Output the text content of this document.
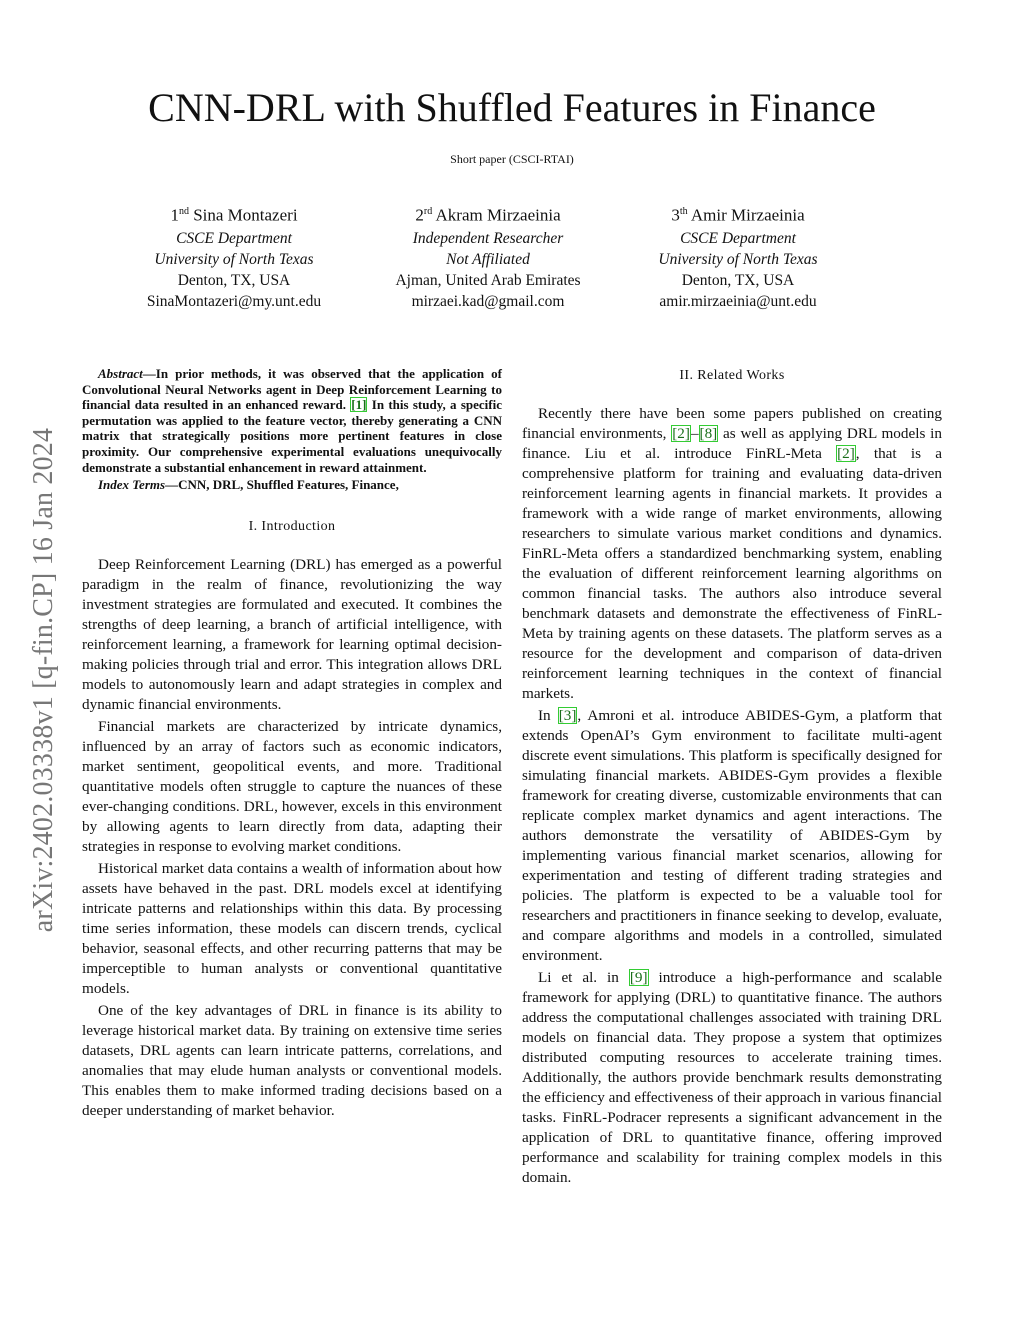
arXiv:2402.03338v1 [q-fin.CP] 16 Jan 2024
CNN-DRL with Shuffled Features in Finance
Short paper (CSCI-RTAI)
1nd Sina Montazeri
CSCE Department
University of North Texas
Denton, TX, USA
SinaMontazeri@my.unt.edu
2rd Akram Mirzaeinia
Independent Researcher
Not Affiliated
Ajman, United Arab Emirates
mirzaei.kad@gmail.com
3th Amir Mirzaeinia
CSCE Department
University of North Texas
Denton, TX, USA
amir.mirzaeinia@unt.edu

Abstract—In prior methods, it was observed that the application of Convolutional Neural Networks agent in Deep Reinforcement Learning to financial data resulted in an enhanced reward. [1] In this study, a specific permutation was applied to the feature vector, thereby generating a CNN matrix that strategically positions more pertinent features in close proximity. Our comprehensive experimental evaluations unequivocally demonstrate a substantial enhancement in reward attainment.

Index Terms—CNN, DRL, Shuffled Features, Finance,

I. Introduction

Deep Reinforcement Learning (DRL) has emerged as a powerful paradigm in the realm of finance, revolutionizing the way investment strategies are formulated and executed. It combines the strengths of deep learning, a branch of artificial intelligence, with reinforcement learning, a framework for learning optimal decision-making policies through trial and error. This integration allows DRL models to autonomously learn and adapt strategies in complex and dynamic financial environments.

Financial markets are characterized by intricate dynamics, influenced by an array of factors such as economic indicators, market sentiment, geopolitical events, and more. Traditional quantitative models often struggle to capture the nuances of these ever-changing conditions. DRL, however, excels in this environment by allowing agents to learn directly from data, adapting their strategies in response to evolving market conditions.

Historical market data contains a wealth of information about how assets have behaved in the past. DRL models excel at identifying intricate patterns and relationships within this data. By processing time series information, these models can discern trends, cyclical behavior, seasonal effects, and other recurring patterns that may be imperceptible to human analysts or conventional quantitative models.

One of the key advantages of DRL in finance is its ability to leverage historical market data. By training on extensive time series datasets, DRL agents can learn intricate patterns, correlations, and anomalies that may elude human analysts or conventional models. This enables them to make informed trading decisions based on a deeper understanding of market behavior.

II. Related Works

Recently there have been some papers published on creating financial environments, [2]–[8] as well as applying DRL models in finance. Liu et al. introduce FinRL-Meta [2], that is a comprehensive platform for training and evaluating data-driven reinforcement learning agents in financial markets. It provides a framework with a wide range of market environments, allowing researchers to simulate various market conditions and dynamics. FinRL-Meta offers a standardized benchmarking system, enabling the evaluation of different reinforcement learning algorithms on common financial tasks. The authors also introduce several benchmark datasets and demonstrate the effectiveness of FinRL-Meta by training agents on these datasets. The platform serves as a resource for the development and comparison of data-driven reinforcement learning techniques in the context of financial markets.

In [3], Amroni et al. introduce ABIDES-Gym, a platform that extends OpenAI’s Gym environment to facilitate multi-agent discrete event simulations. This platform is specifically designed for simulating financial markets. ABIDES-Gym provides a flexible framework for creating diverse, customizable environments that can replicate complex market dynamics and agent interactions. The authors demonstrate the versatility of ABIDES-Gym by implementing various financial market scenarios, allowing for experimentation and testing of different trading strategies and policies. The platform is expected to be a valuable tool for researchers and practitioners in finance seeking to develop, evaluate, and compare algorithms and models in a controlled, simulated environment.

Li et al. in [9] introduce a high-performance and scalable framework for applying (DRL) to quantitative finance. The authors address the computational challenges associated with training DRL models on financial data. They propose a system that optimizes distributed computing resources to accelerate training times. Additionally, the authors provide benchmark results demonstrating the efficiency and effectiveness of their approach in various financial tasks. FinRL-Podracer represents a significant advancement in the application of DRL to quantitative finance, offering improved performance and scalability for training complex models in this domain.
